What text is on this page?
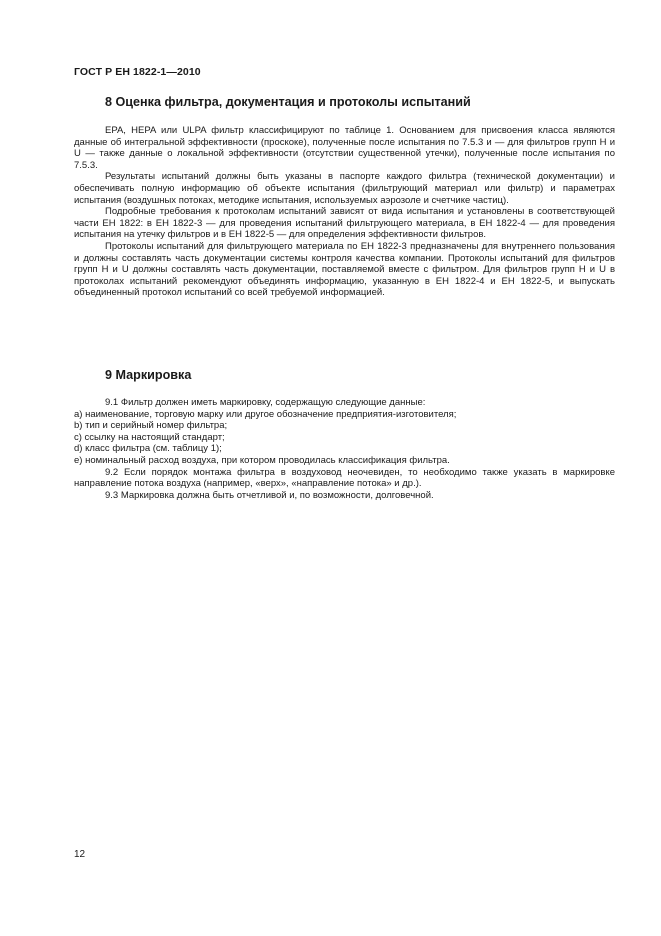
ГОСТ Р ЕН 1822-1—2010
8 Оценка фильтра, документация и протоколы испытаний

EPA, HEPA или ULPA фильтр классифицируют по таблице 1. Основанием для присвоения класса являются данные об интегральной эффективности (проскоке), полученные после испытания по 7.5.3 и — для фильтров групп H и U — также данные о локальной эффективности (отсутствии существенной утечки), полученные после испытания по 7.5.3.

Результаты испытаний должны быть указаны в паспорте каждого фильтра (технической документации) и обеспечивать полную информацию об объекте испытания (фильтрующий материал или фильтр) и параметрах испытания (воздушных потоках, методике испытания, используемых аэрозоле и счетчике частиц).

Подробные требования к протоколам испытаний зависят от вида испытания и установлены в соответствующей части ЕН 1822: в ЕН 1822-3 — для проведения испытаний фильтрующего материала, в ЕН 1822-4 — для проведения испытания на утечку фильтров и в ЕН 1822-5 — для определения эффективности фильтров.

Протоколы испытаний для фильтрующего материала по ЕН 1822-3 предназначены для внутреннего пользования и должны составлять часть документации системы контроля качества компании. Протоколы испытаний для фильтров групп H и U должны составлять часть документации, поставляемой вместе с фильтром. Для фильтров групп H и U в протоколах испытаний рекомендуют объединять информацию, указанную в ЕН 1822-4 и ЕН 1822-5, и выпускать объединенный протокол испытаний со всей требуемой информацией.

9 Маркировка

9.1 Фильтр должен иметь маркировку, содержащую следующие данные:

a) наименование, торговую марку или другое обозначение предприятия-изготовителя;

b) тип и серийный номер фильтра;

c) ссылку на настоящий стандарт;

d) класс фильтра (см. таблицу 1);

e) номинальный расход воздуха, при котором проводилась классификация фильтра.

9.2 Если порядок монтажа фильтра в воздуховод неочевиден, то необходимо также указать в маркировке направление потока воздуха (например, «верх», «направление потока» и др.).

9.3 Маркировка должна быть отчетливой и, по возможности, долговечной.

12
